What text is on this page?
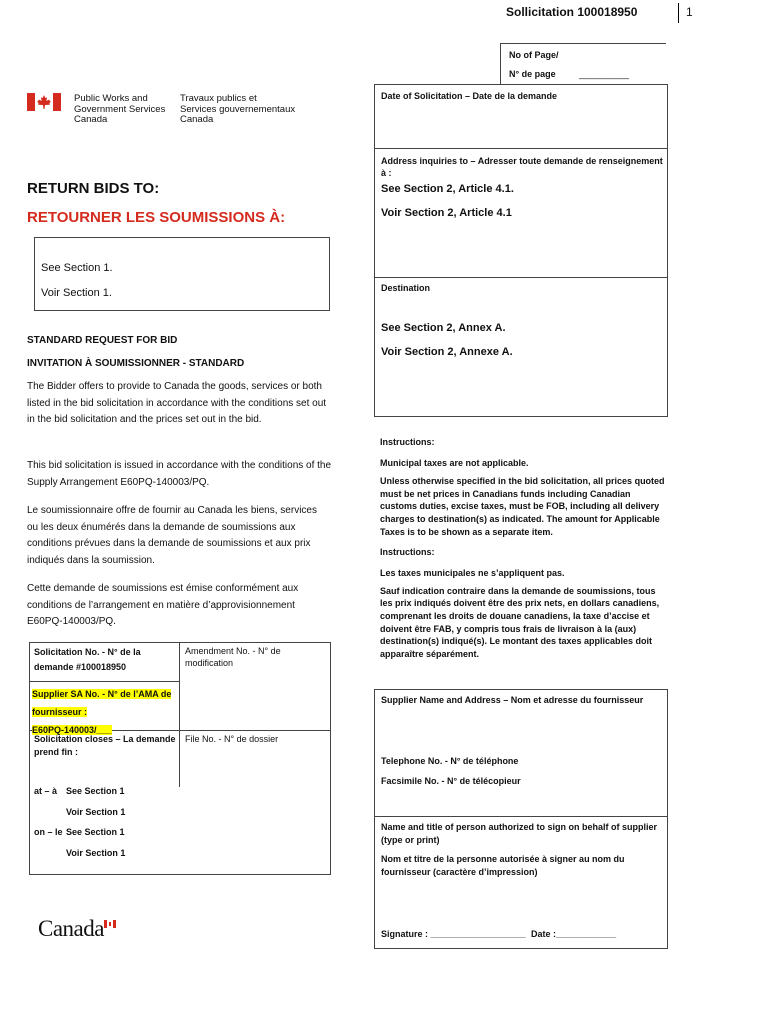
Sollicitation 100018950	1
Public Works and
Government Services
Canada
Travaux publics et
Services gouvernementaux
Canada
No of Page/
N° de page	__________
Date of Solicitation – Date de la demande
Address inquiries to – Adresser toute demande de renseignement à :
See Section 2, Article 4.1.
Voir Section 2, Article 4.1
Destination
See Section 2, Annex A.
Voir Section 2, Annexe A.
Instructions:
Municipal taxes are not applicable.
Unless otherwise specified in the bid solicitation, all prices quoted must be net prices in Canadians funds including Canadian customs duties, excise taxes, must be FOB, including all delivery charges to destination(s) as indicated. The amount for Applicable Taxes is to be shown as a separate item.
Instructions:
Les taxes municipales ne s’appliquent pas.
Sauf indication contraire dans la demande de soumissions, tous les prix indiqués doivent être des prix nets, en dollars canadiens, comprenant les droits de douane canadiens, la taxe d’accise et doivent être FAB, y compris tous frais de livraison à la (aux) destination(s) indiqué(s). Le montant des taxes applicables doit apparaître séparément.
Supplier Name and Address – Nom et adresse du fournisseur
Telephone No. - N° de téléphone
Facsimile No. - N° de télécopieur
Name and title of person authorized to sign on behalf of supplier (type or print)
Nom et titre de la personne autorisée à signer au nom du fournisseur (caractère d’impression)
Signature : ___________________ Date :____________
RETURN BIDS TO:
RETOURNER LES SOUMISSIONS À:
See Section 1.
Voir Section 1.
STANDARD REQUEST FOR BID
INVITATION À SOUMISSIONNER - STANDARD
The Bidder offers to provide to Canada the goods, services or both listed in the bid solicitation in accordance with the conditions set out in the bid solicitation and the prices set out in the bid.
This bid solicitation is issued in accordance with the conditions of the Supply Arrangement E60PQ-140003/PQ.
Le soumissionnaire offre de fournir au Canada les biens, services ou les deux énumérés dans la demande de soumissions aux conditions prévues dans la demande de soumissions et aux prix indiqués dans la soumission.
Cette demande de soumissions est émise conformément aux conditions de l’arrangement en matière d’approvisionnement E60PQ-140003/PQ.
Solicitation No. - N° de la demande #100018950
Amendment No. - N° de modification
Supplier SA No. - N° de l’AMA de
fournisseur :
E60PQ-140003/___
Solicitation closes – La demande prend fin :
File No. - N° de dossier
at – à See Section 1
Voir Section 1
on – le See Section 1
Voir Section 1
Canada
